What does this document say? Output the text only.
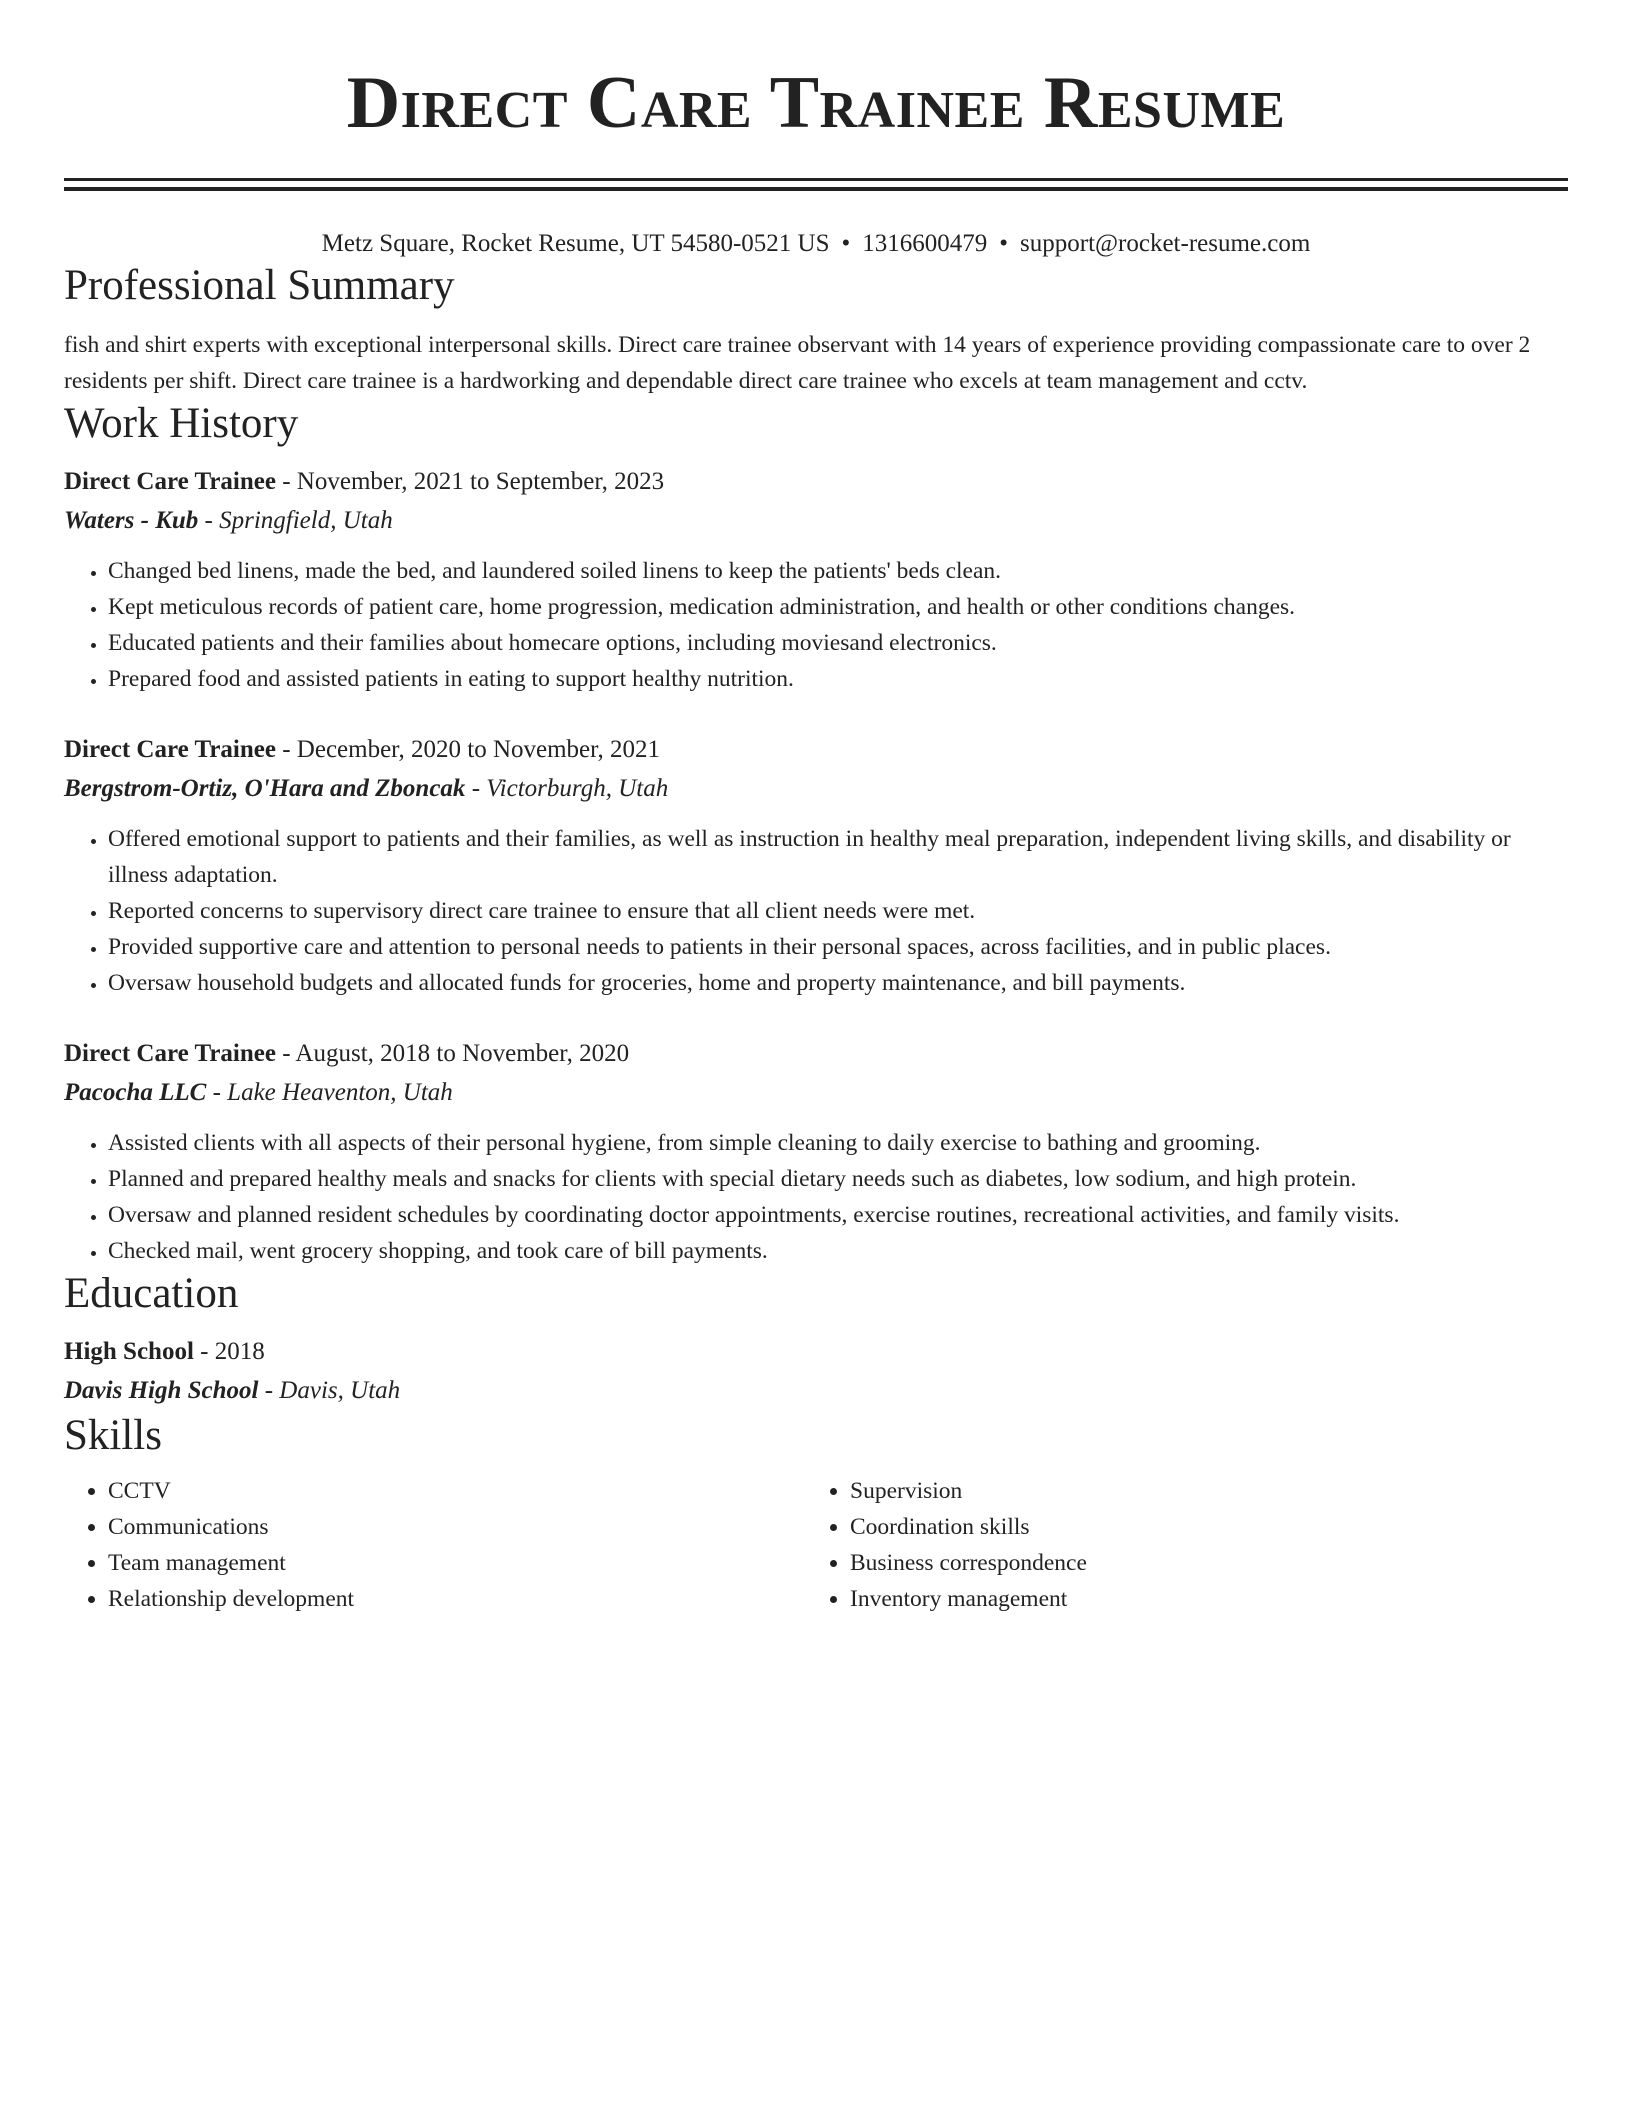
Direct Care Trainee Resume
Metz Square, Rocket Resume, UT 54580-0521 US • 1316600479 • support@rocket-resume.com
Professional Summary

fish and shirt experts with exceptional interpersonal skills. Direct care trainee observant with 14 years of experience providing compassionate care to over 2 residents per shift. Direct care trainee is a hardworking and dependable direct care trainee who excels at team management and cctv.

Work History
Direct Care Trainee - November, 2021 to September, 2023
Waters - Kub - Springfield, Utah
• Changed bed linens, made the bed, and laundered soiled linens to keep the patients' beds clean.
• Kept meticulous records of patient care, home progression, medication administration, and health or other conditions changes.
• Educated patients and their families about homecare options, including moviesand electronics.
• Prepared food and assisted patients in eating to support healthy nutrition.
Direct Care Trainee - December, 2020 to November, 2021
Bergstrom-Ortiz, O'Hara and Zboncak - Victorburgh, Utah
• Offered emotional support to patients and their families, as well as instruction in healthy meal preparation, independent living skills, and disability or illness adaptation.
• Reported concerns to supervisory direct care trainee to ensure that all client needs were met.
• Provided supportive care and attention to personal needs to patients in their personal spaces, across facilities, and in public places.
• Oversaw household budgets and allocated funds for groceries, home and property maintenance, and bill payments.
Direct Care Trainee - August, 2018 to November, 2020
Pacocha LLC - Lake Heaventon, Utah
• Assisted clients with all aspects of their personal hygiene, from simple cleaning to daily exercise to bathing and grooming.
• Planned and prepared healthy meals and snacks for clients with special dietary needs such as diabetes, low sodium, and high protein.
• Oversaw and planned resident schedules by coordinating doctor appointments, exercise routines, recreational activities, and family visits.
• Checked mail, went grocery shopping, and took care of bill payments.
Education
High School - 2018
Davis High School - Davis, Utah
Skills
• CCTV
• Communications
• Team management
• Relationship development
• Supervision
• Coordination skills
• Business correspondence
• Inventory management
